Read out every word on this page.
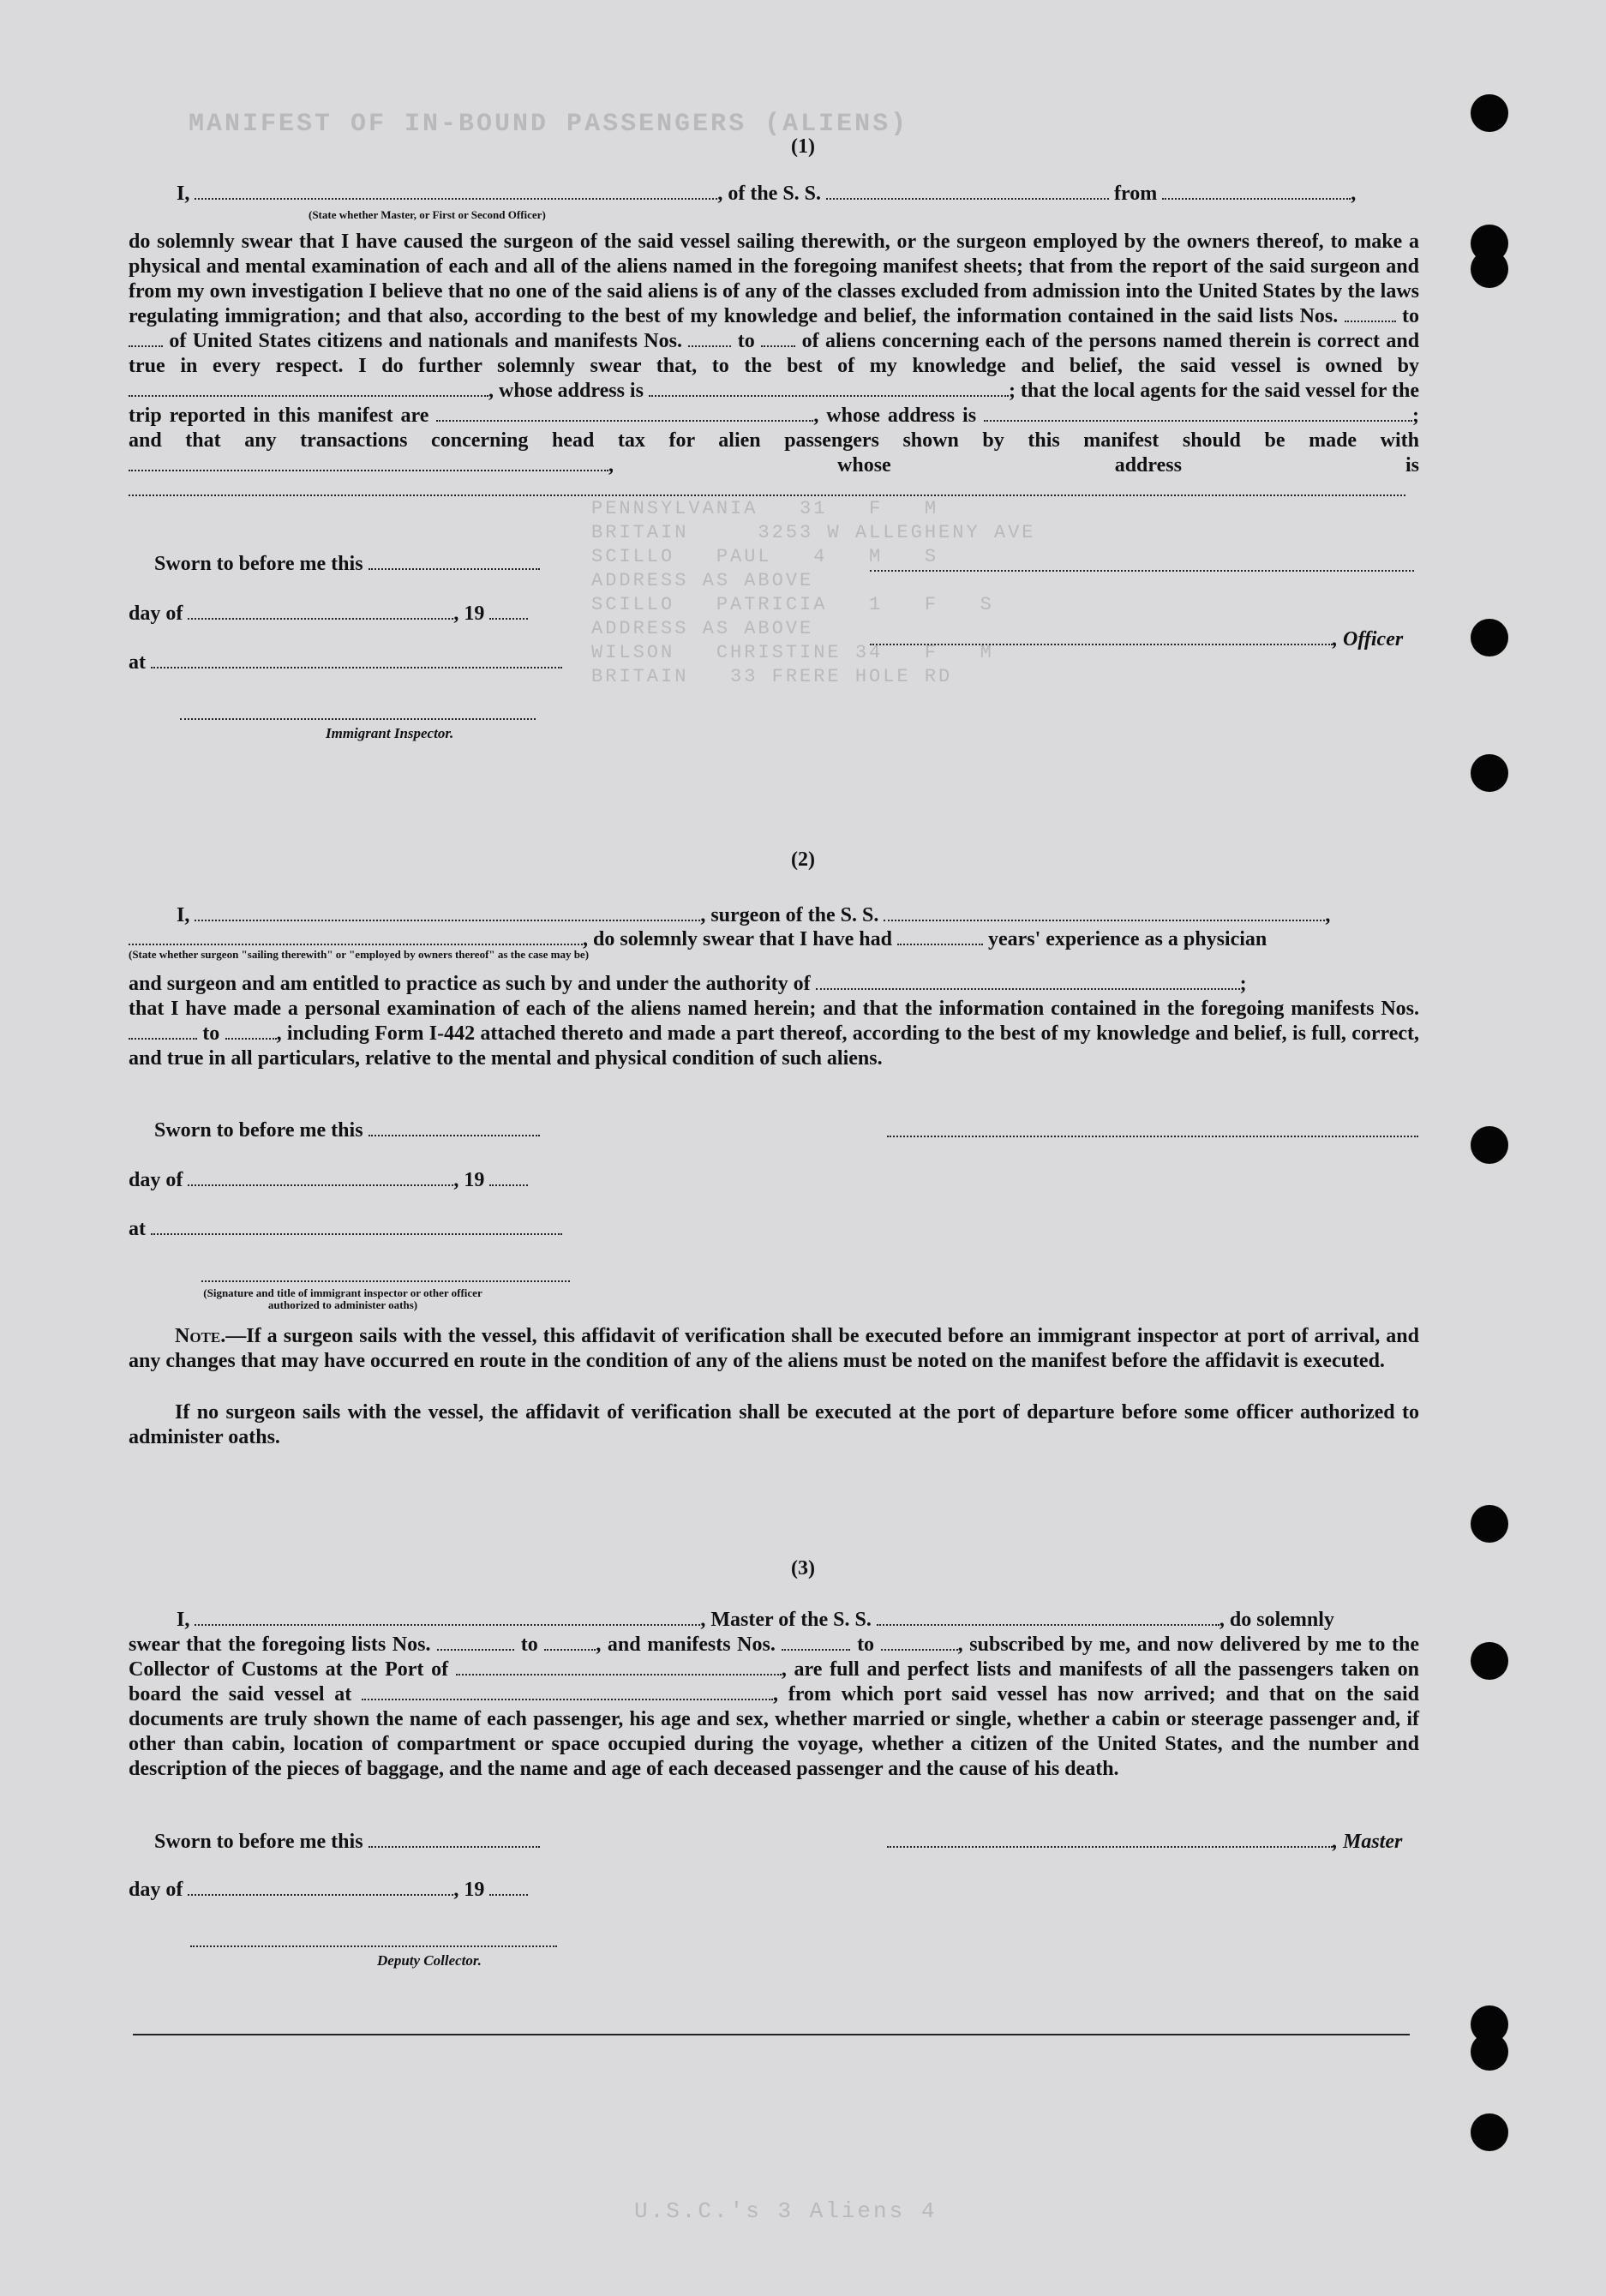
MANIFEST OF IN-BOUND PASSENGERS (ALIENS)
PENNSYLVANIA   31   F   M
BRITAIN     3253 W ALLEGHENY AVE
SCILLO   PAUL   4   M   S
ADDRESS AS ABOVE
SCILLO   PATRICIA   1   F   S
ADDRESS AS ABOVE
WILSON   CHRISTINE 34   F   M
BRITAIN   33 FRERE HOLE RD
U.S.C.'s 3 Aliens 4
(1)
I,	, of the S. S.	from	,
(State whether Master, or First or Second Officer)
do solemnly swear that I have caused the surgeon of the said vessel sailing therewith, or the surgeon employed by the owners thereof, to make a physical and mental examination of each and all of the aliens named in the foregoing manifest sheets; that from the report of the said surgeon and from my own investigation I believe that no one of the said aliens is of any of the classes excluded from admission into the United States by the laws regulating immigration; and that also, according to the best of my knowledge and belief, the information contained in the said lists Nos.	to  of United States citizens and nationals and manifests Nos.	to of aliens concerning each of the persons named therein is correct and true in every respect. I do further solemnly swear that, to the best of my knowledge and belief, the said vessel is owned by , whose address is	; that the local agents for the said vessel for the trip reported in this manifest are	, whose address is	; and that any transactions concerning head tax for alien passengers shown by this manifest should be made with , whose address is
Sworn to before me this
day of	, 19
, Officer
at
Immigrant Inspector.
(2)
I,	, surgeon of the S. S.	,
, do solemnly swear that I have had	years' experience as a physician
(State whether surgeon "sailing therewith" or "employed by owners thereof" as the case may be)
and surgeon and am entitled to practice as such by and under the authority of	;
that I have made a personal examination of each of the aliens named herein; and that the information contained in the foregoing manifests Nos.  to	, including Form I-442 attached thereto and made a part thereof, according to the best of my knowledge and belief, is full, correct, and true in all particulars, relative to the mental and physical condition of such aliens.
Sworn to before me this
day of	, 19
at
(Signature and title of immigrant inspector or other officer authorized to administer oaths)
Note.—If a surgeon sails with the vessel, this affidavit of verification shall be executed before an immigrant inspector at port of arrival, and any changes that may have occurred en route in the condition of any of the aliens must be noted on the manifest before the affidavit is executed.
If no surgeon sails with the vessel, the affidavit of verification shall be executed at the port of departure before some officer authorized to administer oaths.
(3)
I,	, Master of the S. S.	, do solemnly
swear that the foregoing lists Nos.	to	, and manifests Nos.	to	, subscribed by me, and now delivered by me to the Collector of Customs at the Port of	, are full and perfect lists and manifests of all the passengers taken on board the said vessel at	, from which port said vessel has now arrived; and that on the said documents are truly shown the name of each passenger, his age and sex, whether married or single, whether a cabin or steerage passenger and, if other than cabin, location of compartment or space occupied during the voyage, whether a citizen of the United States, and the number and description of the pieces of baggage, and the name and age of each deceased passenger and the cause of his death.
Sworn to before me this	, Master
day of	, 19
Deputy Collector.
